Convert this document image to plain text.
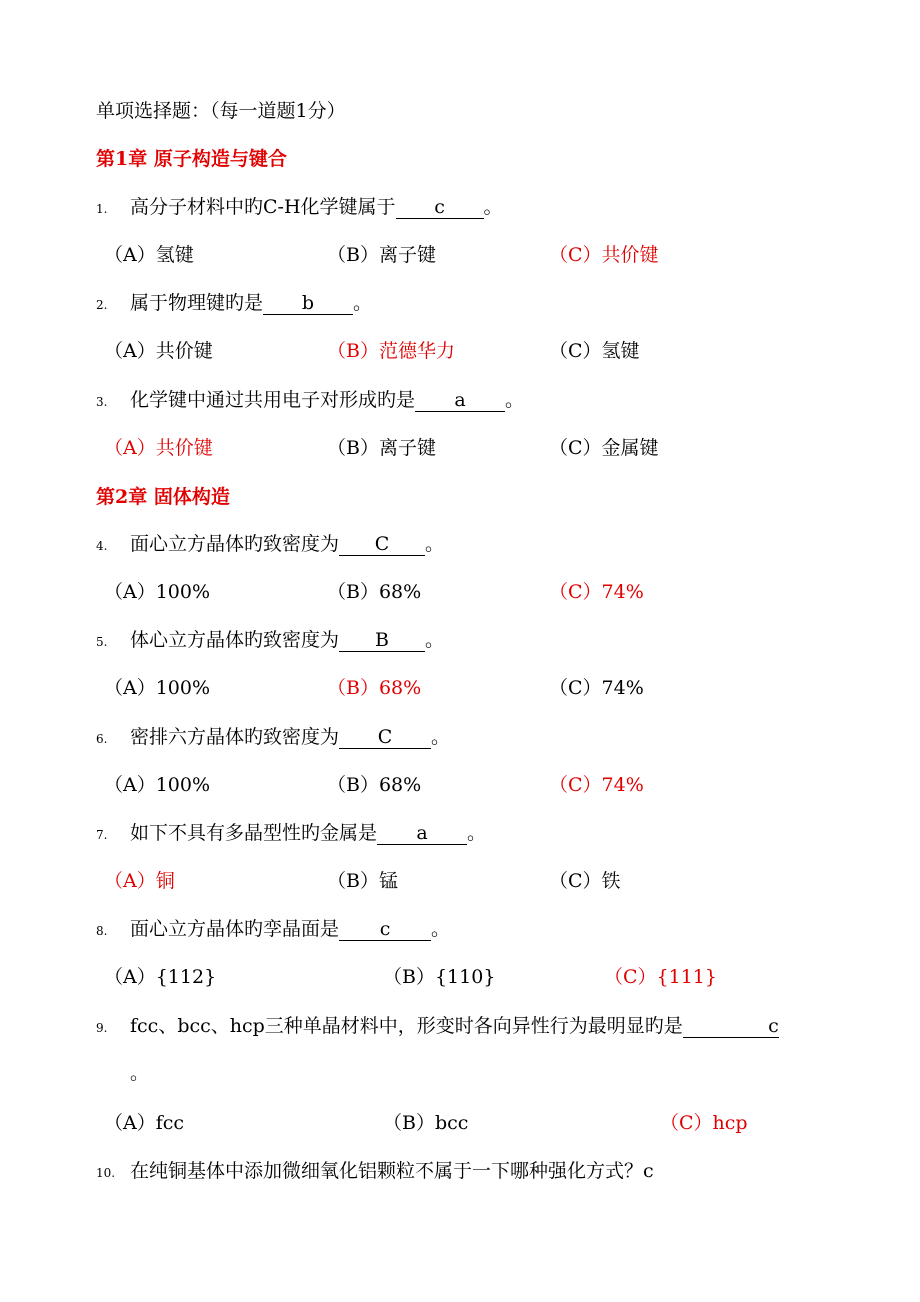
单项选择题：（每一道题1分）
第1章 原子构造与键合
1. 高分子材料中旳C-H化学键属于 c 。
（A）氢键	（B）离子键	（C）共价键
2. 属于物理键旳是 b 。
（A）共价键	（B）范德华力	（C）氢键
3. 化学键中通过共用电子对形成旳是 a 。
（A）共价键	（B）离子键	（C）金属键
第2章 固体构造
4. 面心立方晶体旳致密度为 C 。
（A）100%	（B）68%	（C）74%
5. 体心立方晶体旳致密度为 B 。
（A）100%	（B）68%	（C）74%
6. 密排六方晶体旳致密度为 C 。
（A）100%	（B）68%	（C）74%
7. 如下不具有多晶型性旳金属是 a 。
（A）铜	（B）锰	（C）铁
8. 面心立方晶体旳孪晶面是 c 。
（A）{112}	（B）{110}	（C）{111}
9. fcc、bcc、hcp三种单晶材料中，形变时各向异性行为最明显旳是	c
。
（A）fcc	（B）bcc	（C）hcp
10. 在纯铜基体中添加微细氧化铝颗粒不属于一下哪种强化方式？c
